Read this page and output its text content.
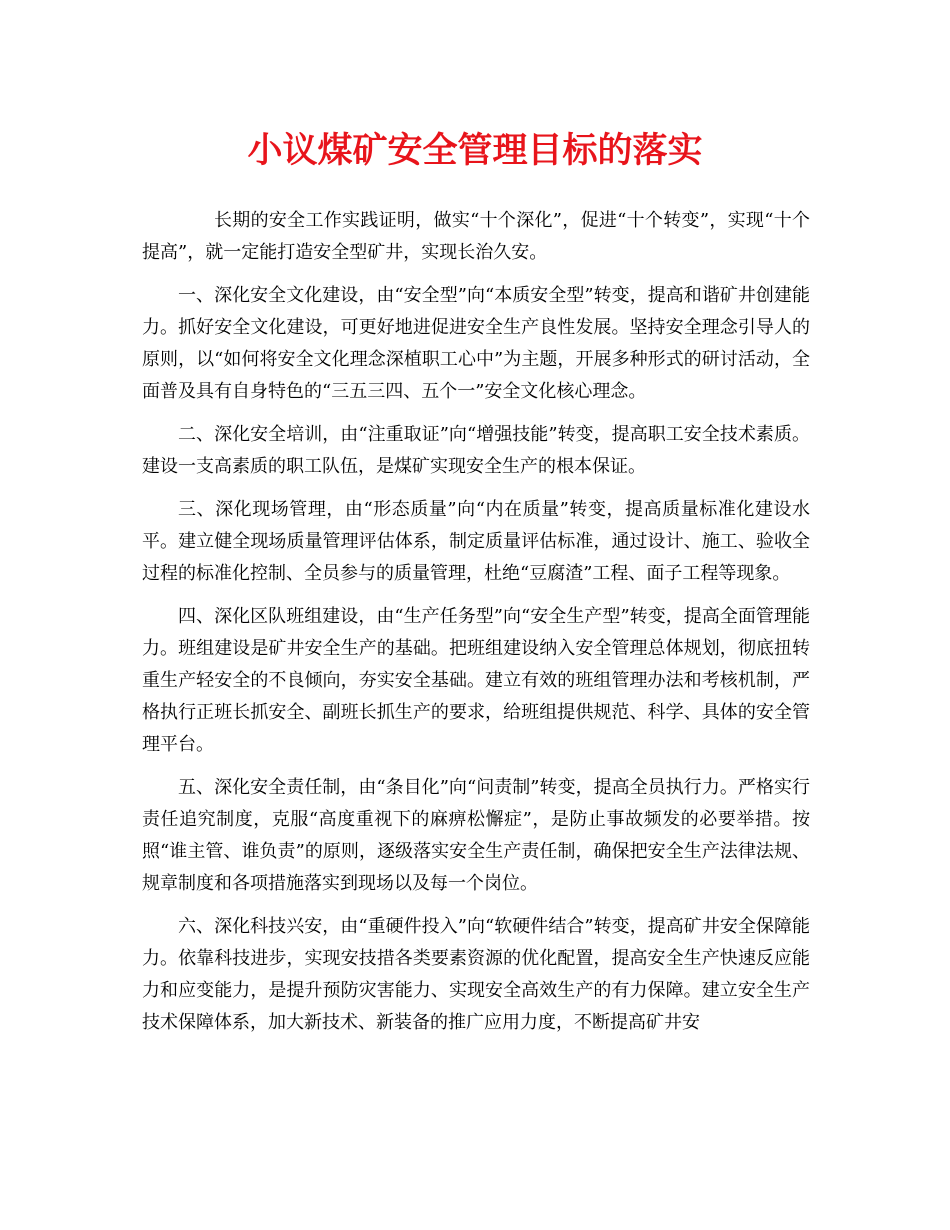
小议煤矿安全管理目标的落实

长期的安全工作实践证明，做实“十个深化”，促进“十个转变”，实现“十个提高”，就一定能打造安全型矿井，实现长治久安。

一、深化安全文化建设，由“安全型”向“本质安全型”转变，提高和谐矿井创建能力。抓好安全文化建设，可更好地进促进安全生产良性发展。坚持安全理念引导人的原则，以“如何将安全文化理念深植职工心中”为主题，开展多种形式的研讨活动，全面普及具有自身特色的“三五三四、五个一”安全文化核心理念。

二、深化安全培训，由“注重取证”向“增强技能”转变，提高职工安全技术素质。建设一支高素质的职工队伍，是煤矿实现安全生产的根本保证。

三、深化现场管理，由“形态质量”向“内在质量”转变，提高质量标准化建设水平。建立健全现场质量管理评估体系，制定质量评估标准，通过设计、施工、验收全过程的标准化控制、全员参与的质量管理，杜绝“豆腐渣”工程、面子工程等现象。

四、深化区队班组建设，由“生产任务型”向“安全生产型”转变，提高全面管理能力。班组建设是矿井安全生产的基础。把班组建设纳入安全管理总体规划，彻底扭转重生产轻安全的不良倾向，夯实安全基础。建立有效的班组管理办法和考核机制，严格执行正班长抓安全、副班长抓生产的要求，给班组提供规范、科学、具体的安全管理平台。

五、深化安全责任制，由“条目化”向“问责制”转变，提高全员执行力。严格实行责任追究制度，克服“高度重视下的麻痹松懈症”，是防止事故频发的必要举措。按照“谁主管、谁负责”的原则，逐级落实安全生产责任制，确保把安全生产法律法规、规章制度和各项措施落实到现场以及每一个岗位。

六、深化科技兴安，由“重硬件投入”向“软硬件结合”转变，提高矿井安全保障能力。依靠科技进步，实现安技措各类要素资源的优化配置，提高安全生产快速反应能力和应变能力，是提升预防灾害能力、实现安全高效生产的有力保障。建立安全生产技术保障体系，加大新技术、新装备的推广应用力度，不断提高矿井安
